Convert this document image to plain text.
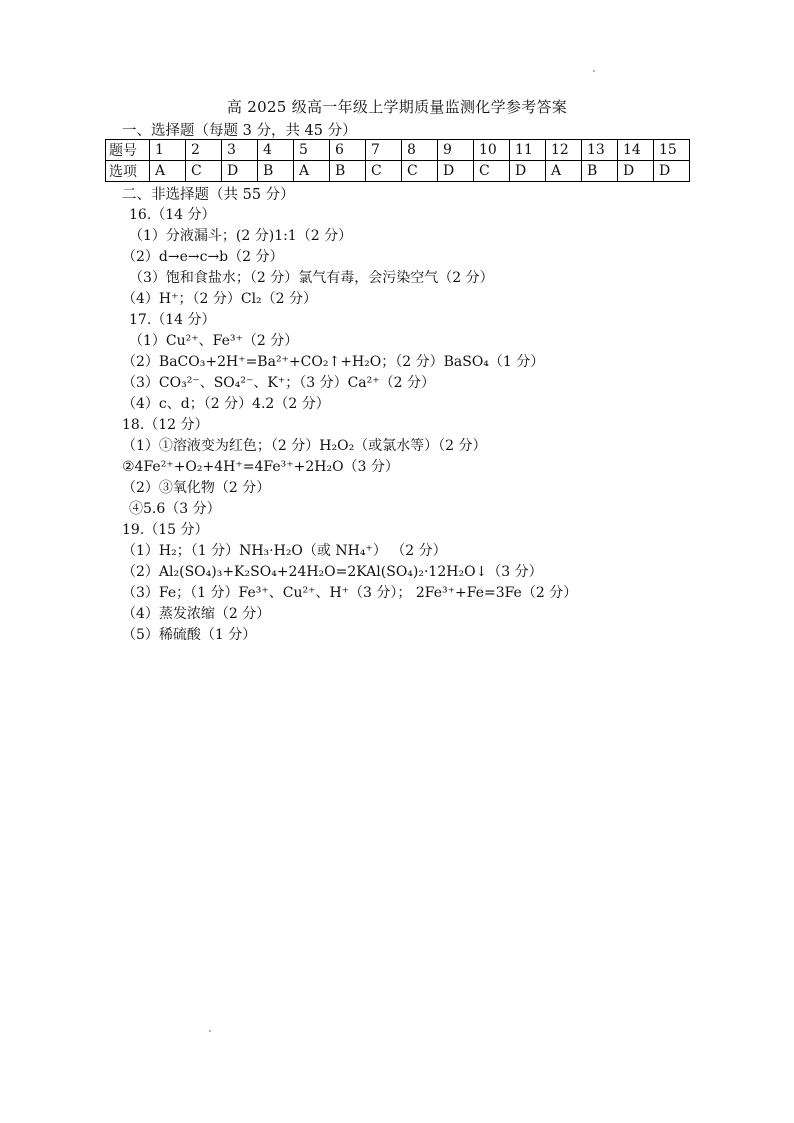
高 2025 级高一年级上学期质量监测化学参考答案
一、选择题（每题 3 分，共 45 分）
题号	1	2	3	4	5	6	7	8	9	10	11	12	13	14	15
选项	A	C	D	B	A	B	C	C	D	C	D	A	B	D	D
二、非选择题（共 55 分）
16.（14 分）
（1）分液漏斗；(2 分)1:1（2 分）
（2）d→e→c→b（2 分）
（3）饱和食盐水；（2 分）氯气有毒，会污染空气（2 分）
（4）H⁺；（2 分）Cl₂（2 分）
17.（14 分）
（1）Cu²⁺、Fe³⁺（2 分）
（2）BaCO₃+2H⁺=Ba²⁺+CO₂↑+H₂O；（2 分）BaSO₄（1 分）
（3）CO₃²⁻、SO₄²⁻、K⁺；（3 分）Ca²⁺（2 分）
（4）c、d；（2 分）4.2（2 分）
18.（12 分）
（1）①溶液变为红色；（2 分）H₂O₂（或氯水等）（2 分）
②4Fe²⁺+O₂+4H⁺=4Fe³⁺+2H₂O（3 分）
（2）③氧化物（2 分）
④5.6（3 分）
19.（15 分）
（1）H₂；（1 分）NH₃·H₂O（或 NH₄⁺） （2 分）
（2）Al₂(SO₄)₃+K₂SO₄+24H₂O=2KAl(SO₄)₂·12H₂O↓（3 分）
（3）Fe；（1 分）Fe³⁺、Cu²⁺、H⁺（3 分）； 2Fe³⁺+Fe=3Fe（2 分）
（4）蒸发浓缩（2 分）
（5）稀硫酸（1 分）
